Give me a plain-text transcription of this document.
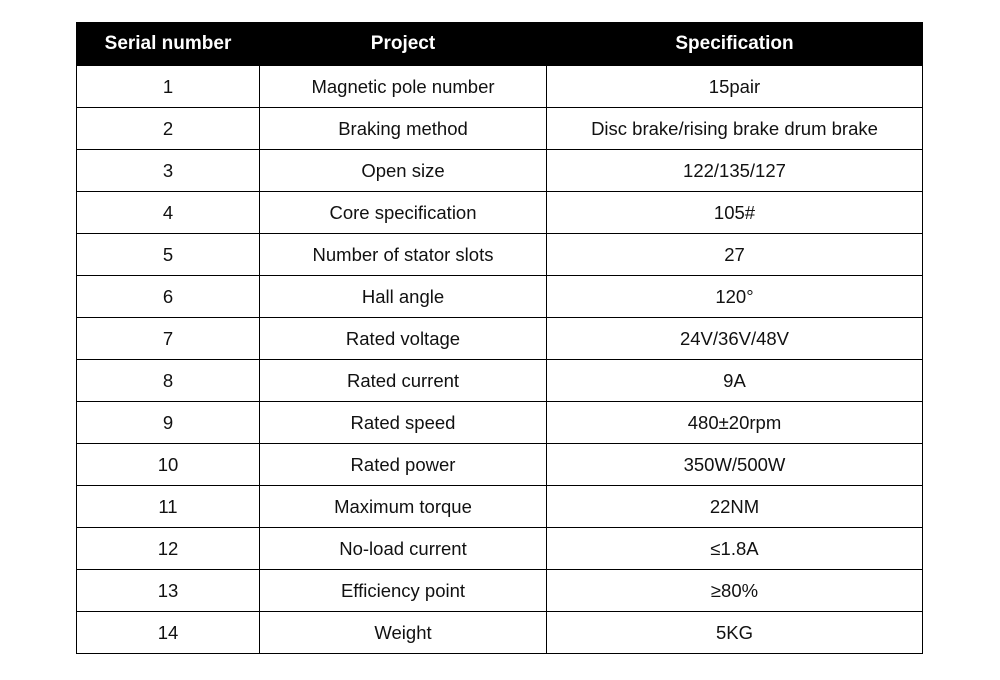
Serial number	Project	Specification
1	Magnetic pole number	15pair
2	Braking method	Disc brake/rising brake drum brake
3	Open size	122/135/127
4	Core specification	105#
5	Number of stator slots	27
6	Hall angle	120°
7	Rated voltage	24V/36V/48V
8	Rated current	9A
9	Rated speed	480±20rpm
10	Rated power	350W/500W
11	Maximum torque	22NM
12	No-load current	≤1.8A
13	Efficiency point	≥80%
14	Weight	5KG
